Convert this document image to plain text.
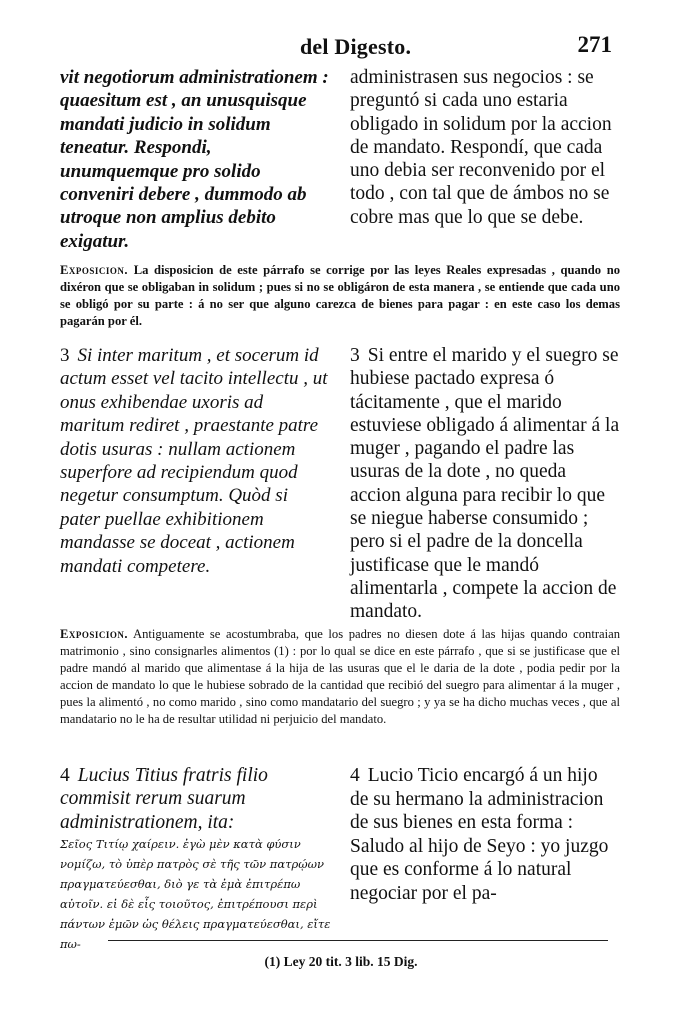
del Digesto.	271
vit negotiorum administrationem : quaesitum est , an unusquisque mandati judicio in solidum teneatur. Respondi, unumquemque pro solido conveniri debere , dummodo ab utroque non amplius debito exigatur.
administrasen sus negocios : se preguntó si cada uno estaria obligado in solidum por la accion de mandato. Respondí, que cada uno debia ser reconvenido por el todo , con tal que de ámbos no se cobre mas que lo que se debe.
Exposicion. La disposicion de este párrafo se corrige por las leyes Reales expresadas , quando no dixéron que se obligaban in solidum ; pues si no se obligáron de esta manera , se entiende que cada uno se obligó por su parte : á no ser que alguno carezca de bienes para pagar : en este caso los demas pagarán por él.
3 Si inter maritum , et socerum id actum esset vel tacito intellectu , ut onus exhibendae uxoris ad maritum rediret , praestante patre dotis usuras : nullam actionem superfore ad recipiendum quod negetur consumptum. Quòd si pater puellae exhibitionem mandasse se doceat , actionem mandati competere.
3 Si entre el marido y el suegro se hubiese pactado expresa ó tácitamente , que el marido estuviese obligado á alimentar á la muger , pagando el padre las usuras de la dote , no queda accion alguna para recibir lo que se niegue haberse consumido ; pero si el padre de la doncella justificase que le mandó alimentarla , compete la accion de mandato.
Exposicion. Antiguamente se acostumbraba, que los padres no diesen dote á las hijas quando contraian matrimonio , sino consignarles alimentos (1) : por lo qual se dice en este párrafo , que si se justificase que el padre mandó al marido que alimentase á la hija de las usuras que el le daria de la dote , podia pedir por la accion de mandato lo que le hubiese sobrado de la cantidad que recibió del suegro para alimentar á la muger , pues la alimentó , no como marido , sino como mandatario del suegro ; y ya se ha dicho muchas veces , que al mandatario no le ha de resultar utilidad ni perjuicio del mandato.
4 Lucius Titius fratris filio commisit rerum suarum administrationem, ita:
Σεῖος Τιτίῳ χαίρειν. ἐγὼ μὲν κατὰ φύσιν νομίζω, τὸ ὑπὲρ πατρὸς σὲ τῆς τῶν πατρῴων πραγματεύεσθαι, διὸ γε τὰ ἐμὰ ἐπιτρέπω αὐτοῖν. εἰ δὲ εἶς τοιοῦτος, ἐπιτρέπουσι περὶ πάντων ἐμῶν ὡς θέλεις πραγματεύεσθαι, εἴτε πω-
4 Lucio Ticio encargó á un hijo de su hermano la administracion de sus bienes en esta forma : Saludo al hijo de Seyo : yo juzgo que es conforme á lo natural negociar por el pa-
(1) Ley 20 tit. 3 lib. 15 Dig.
